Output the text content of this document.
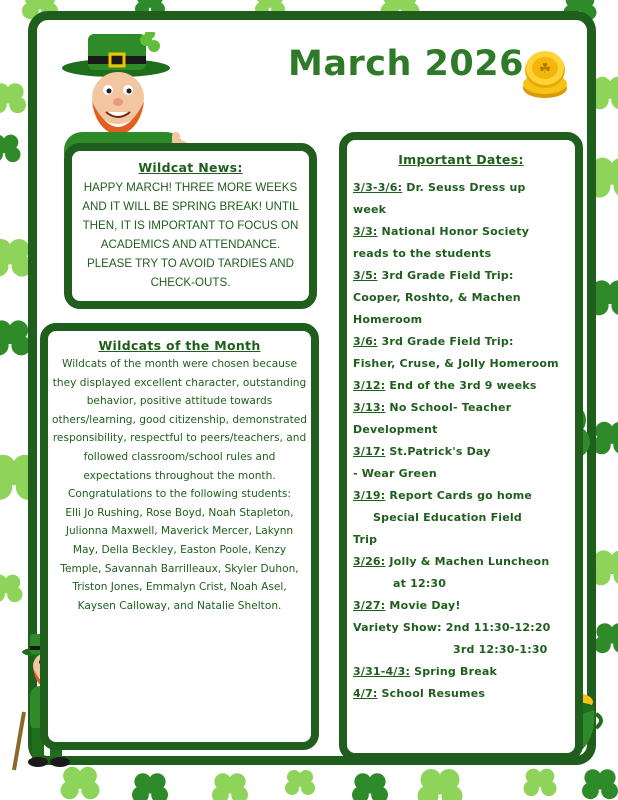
March 2026 ☘
Wildcat News:
HAPPY MARCH! THREE MORE WEEKS AND IT WILL BE SPRING BREAK! UNTIL THEN, IT IS IMPORTANT TO FOCUS ON ACADEMICS AND ATTENDANCE. PLEASE TRY TO AVOID TARDIES AND CHECK-OUTS.
Wildcats of the Month

Wildcats of the month were chosen because they displayed excellent character, outstanding behavior, positive attitude towards others/learning, good citizenship, demonstrated responsibility, respectful to peers/teachers, and followed classroom/school rules and expectations throughout the month.

Congratulations to the following students:

Elli Jo Rushing, Rose Boyd, Noah Stapleton, Julionna Maxwell, Maverick Mercer, Lakynn May, Della Beckley, Easton Poole, Kenzy Temple, Savannah Barrilleaux, Skyler Duhon, Triston Jones, Emmalyn Crist, Noah Asel, Kaysen Calloway, and Natalie Shelton.

Important Dates:
3/3-3/6: Dr. Seuss Dress up
week
3/3: National Honor Society
reads to the students
3/5: 3rd Grade Field Trip:
Cooper, Roshto, & Machen
Homeroom
3/6: 3rd Grade Field Trip:
Fisher, Cruse, & Jolly Homeroom
3/12: End of the 3rd 9 weeks
3/13: No School- Teacher
Development
3/17: St.Patrick's Day
- Wear Green
3/19: Report Cards go home
Special Education Field
Trip
3/26: Jolly & Machen Luncheon
at 12:30
3/27: Movie Day!
Variety Show: 2nd 11:30-12:20
3rd 12:30-1:30
3/31-4/3: Spring Break
4/7: School Resumes
